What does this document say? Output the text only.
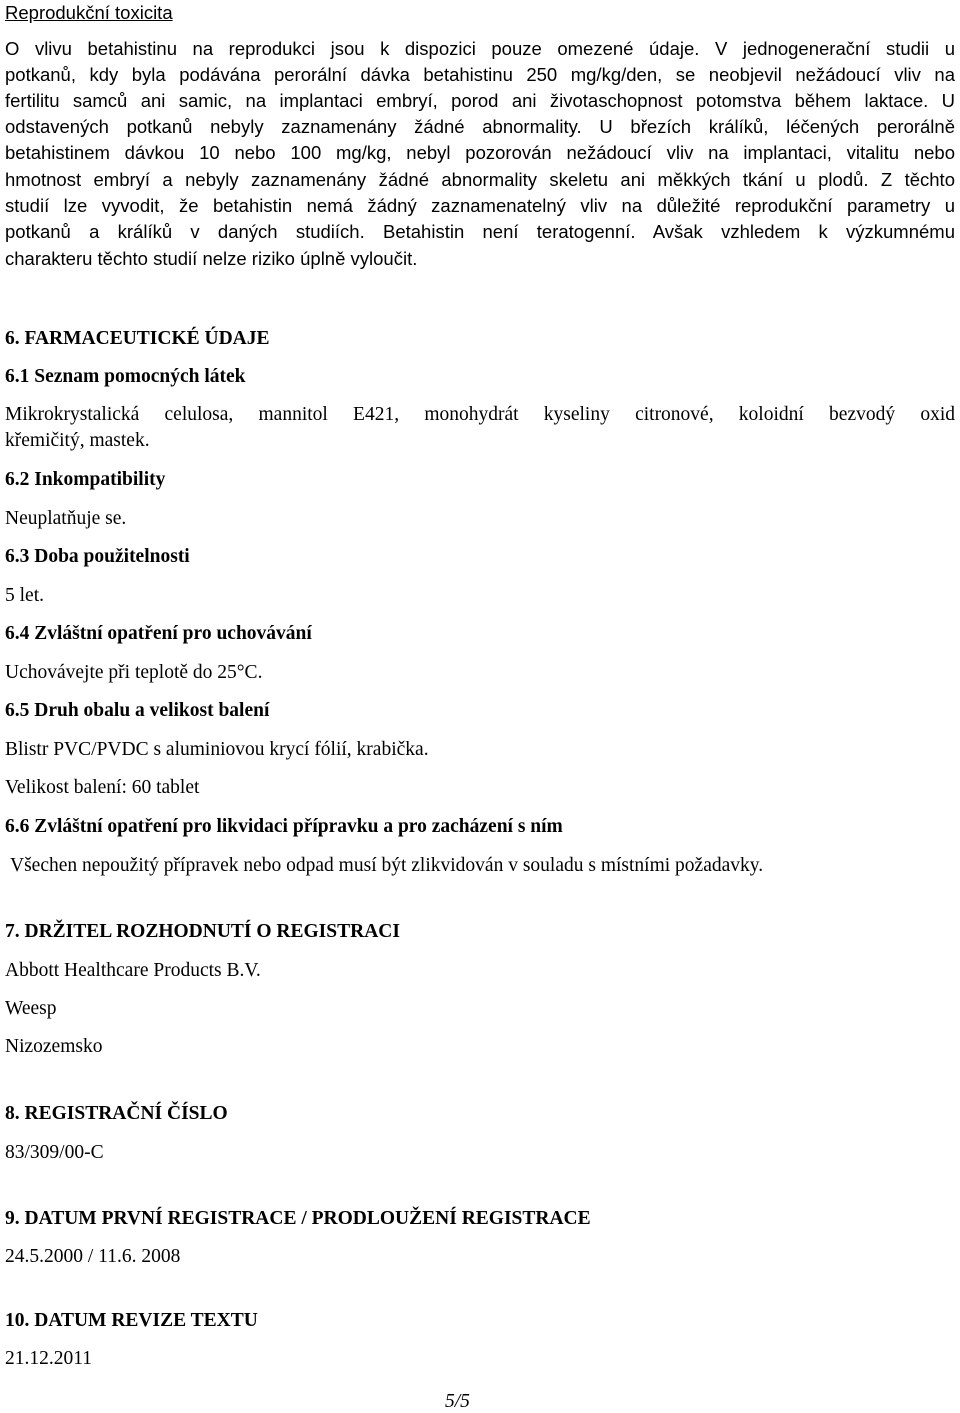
Reprodukční toxicita
O vlivu betahistinu na reprodukci jsou k dispozici pouze omezené údaje. V jednogenerační studii u
potkanů, kdy byla podávána perorální dávka betahistinu 250 mg/kg/den, se neobjevil nežádoucí vliv na
fertilitu samců ani samic, na implantaci embryí, porod ani životaschopnost potomstva během laktace. U
odstavených potkanů nebyly zaznamenány žádné abnormality. U březích králíků, léčených perorálně
betahistinem dávkou 10 nebo 100 mg/kg, nebyl pozorován nežádoucí vliv na implantaci, vitalitu nebo
hmotnost embryí a nebyly zaznamenány žádné abnormality skeletu ani měkkých tkání u plodů. Z těchto
studií lze vyvodit, že betahistin nemá žádný zaznamenatelný vliv na důležité reprodukční parametry u
potkanů a králíků v daných studiích. Betahistin není teratogenní. Avšak vzhledem k výzkumnému
charakteru těchto studií nelze riziko úplně vyloučit.
6. FARMACEUTICKÉ ÚDAJE
6.1 Seznam pomocných látek
Mikrokrystalická celulosa, mannitol E421, monohydrát kyseliny citronové, koloidní bezvodý oxid
křemičitý, mastek.
6.2 Inkompatibility
Neuplatňuje se.
6.3 Doba použitelnosti
5 let.
6.4 Zvláštní opatření pro uchovávání
Uchovávejte při teplotě do 25°C.
6.5 Druh obalu a velikost balení
Blistr PVC/PVDC s aluminiovou krycí fólií, krabička.
Velikost balení: 60 tablet
6.6 Zvláštní opatření pro likvidaci přípravku a pro zacházení s ním
Všechen nepoužitý přípravek nebo odpad musí být zlikvidován v souladu s místními požadavky.
7. DRŽITEL ROZHODNUTÍ O REGISTRACI
Abbott Healthcare Products B.V.
Weesp
Nizozemsko
8. REGISTRAČNÍ ČÍSLO
83/309/00-C
9. DATUM PRVNÍ REGISTRACE / PRODLOUŽENÍ REGISTRACE
24.5.2000 / 11.6. 2008
10. DATUM REVIZE TEXTU
21.12.2011
5/5
